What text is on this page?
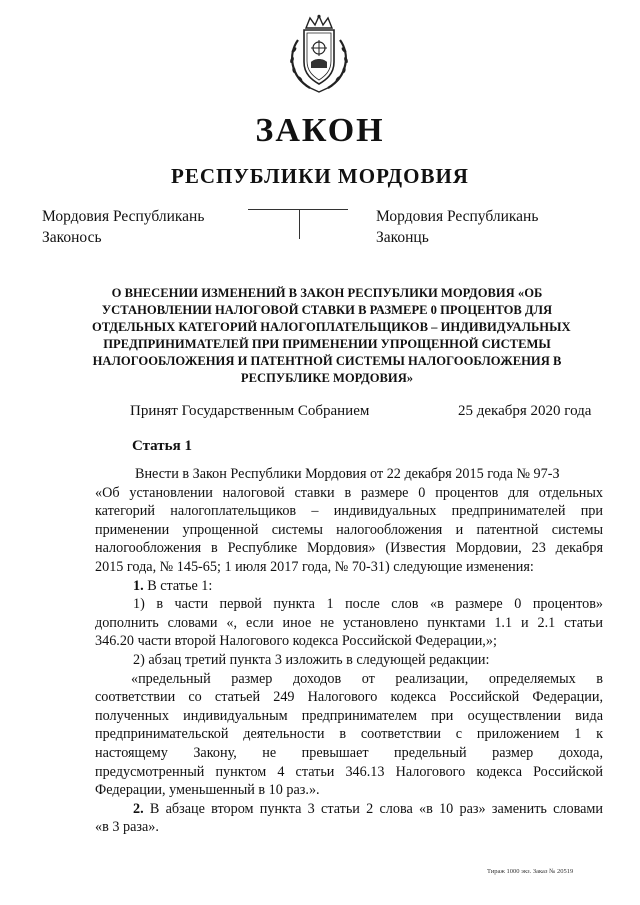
ЗАКОН
РЕСПУБЛИКИ МОРДОВИЯ
Мордовия Республикань
Законось
Мордовия Республикань
Законць
О ВНЕСЕНИИ ИЗМЕНЕНИЙ В ЗАКОН РЕСПУБЛИКИ МОРДОВИЯ «ОБ
УСТАНОВЛЕНИИ НАЛОГОВОЙ СТАВКИ В РАЗМЕРЕ 0 ПРОЦЕНТОВ ДЛЯ
ОТДЕЛЬНЫХ КАТЕГОРИЙ НАЛОГОПЛАТЕЛЬЩИКОВ – ИНДИВИДУАЛЬНЫХ
ПРЕДПРИНИМАТЕЛЕЙ ПРИ ПРИМЕНЕНИИ УПРОЩЕННОЙ СИСТЕМЫ
НАЛОГООБЛОЖЕНИЯ И ПАТЕНТНОЙ СИСТЕМЫ НАЛОГООБЛОЖЕНИЯ В
РЕСПУБЛИКЕ МОРДОВИЯ»
Принят Государственным Собранием	25 декабря 2020 года
Статья 1
Внести в Закон Республики Мордовия от 22 декабря 2015 года № 97-З
«Об установлении налоговой ставки в размере 0 процентов для отдельных
категорий налогоплательщиков – индивидуальных предпринимателей при
применении упрощенной системы налогообложения и патентной системы
налогообложения в Республике Мордовия» (Известия Мордовии, 23 декабря
2015 года, № 145-65; 1 июля 2017 года, № 70-31) следующие изменения:
1. В статье 1:
1) в части первой пункта 1 после слов «в размере 0 процентов»
дополнить словами «, если иное не установлено пунктами 1.1 и 2.1 статьи
346.20 части второй Налогового кодекса Российской Федерации,»;
2) абзац третий пункта 3 изложить в следующей редакции:
«предельный размер доходов от реализации, определяемых в
соответствии со статьей 249 Налогового кодекса Российской Федерации,
полученных индивидуальным предпринимателем при осуществлении вида
предпринимательской деятельности в соответствии с приложением 1 к
настоящему Закону, не превышает предельный размер дохода,
предусмотренный пунктом 4 статьи 346.13 Налогового кодекса Российской
Федерации, уменьшенный в 10 раз.».
2. В абзаце втором пункта 3 статьи 2 слова «в 10 раз» заменить словами
«в 3 раза».
Тираж 1000 экз. Заказ № 20519
